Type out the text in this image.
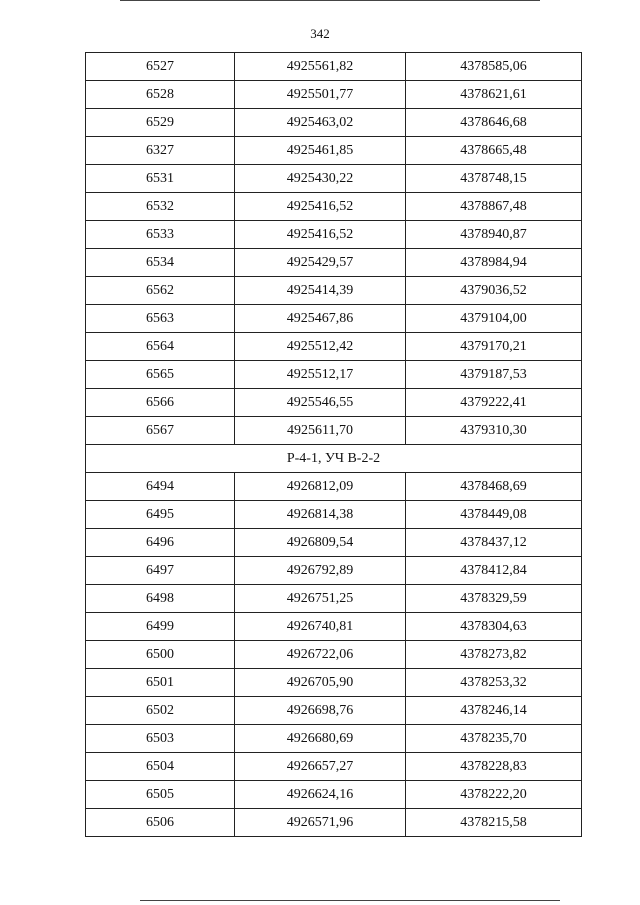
342
6527	4925561,82	4378585,06
6528	4925501,77	4378621,61
6529	4925463,02	4378646,68
6327	4925461,85	4378665,48
6531	4925430,22	4378748,15
6532	4925416,52	4378867,48
6533	4925416,52	4378940,87
6534	4925429,57	4378984,94
6562	4925414,39	4379036,52
6563	4925467,86	4379104,00
6564	4925512,42	4379170,21
6565	4925512,17	4379187,53
6566	4925546,55	4379222,41
6567	4925611,70	4379310,30
Р-4-1, УЧ В-2-2		
6494	4926812,09	4378468,69
6495	4926814,38	4378449,08
6496	4926809,54	4378437,12
6497	4926792,89	4378412,84
6498	4926751,25	4378329,59
6499	4926740,81	4378304,63
6500	4926722,06	4378273,82
6501	4926705,90	4378253,32
6502	4926698,76	4378246,14
6503	4926680,69	4378235,70
6504	4926657,27	4378228,83
6505	4926624,16	4378222,20
6506	4926571,96	4378215,58
